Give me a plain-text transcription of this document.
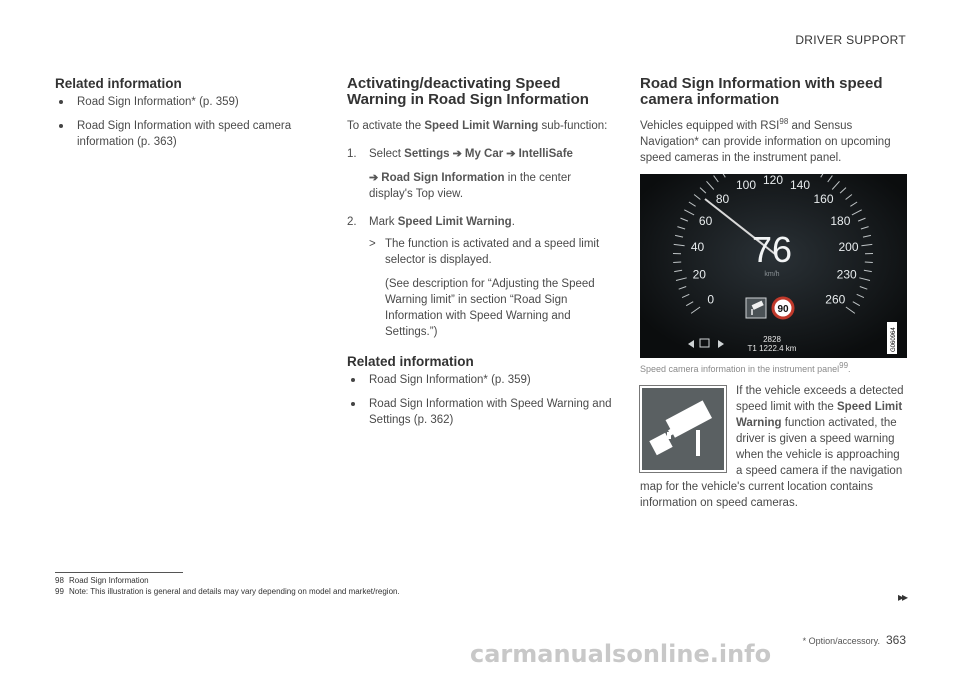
DRIVER SUPPORT
Related information
Road Sign Information* (p. 359)
Road Sign Information with speed camera information (p. 363)
Activating/deactivating Speed Warning in Road Sign Information

To activate the Speed Limit Warning sub-function:

1. Select Settings ➔ My Car ➔ IntelliSafe
➔ Road Sign Information in the center display's Top view.
2. Mark Speed Limit Warning.
> The function is activated and a speed limit selector is displayed.
(See description for “Adjusting the Speed Warning limit” in section “Road Sign Information with Speed Warning and Settings.”)
Related information
Road Sign Information* (p. 359)
Road Sign Information with Speed Warning and Settings (p. 362)
Road Sign Information with speed camera information

Vehicles equipped with RSI$^{98}$ and Sensus Navigation* can provide information on upcoming speed cameras in the instrument panel.

0
20
40
60
80
100 120 140
160
180
200
230
260
76
km/h
90
2828
T1 1222.4 km	G060964
Speed camera information in the instrument panel99.
If the vehicle exceeds a detected speed limit with the Speed Limit Warning function activated, the driver is given a speed warning when the vehicle is approaching a speed camera if the navigation
map for the vehicle's current location contains information on speed cameras.
98 Road Sign Information
99 Note: This illustration is general and details may vary depending on model and market/region.	▸▸
* Option/accessory. 363
carmanualsonline.info
